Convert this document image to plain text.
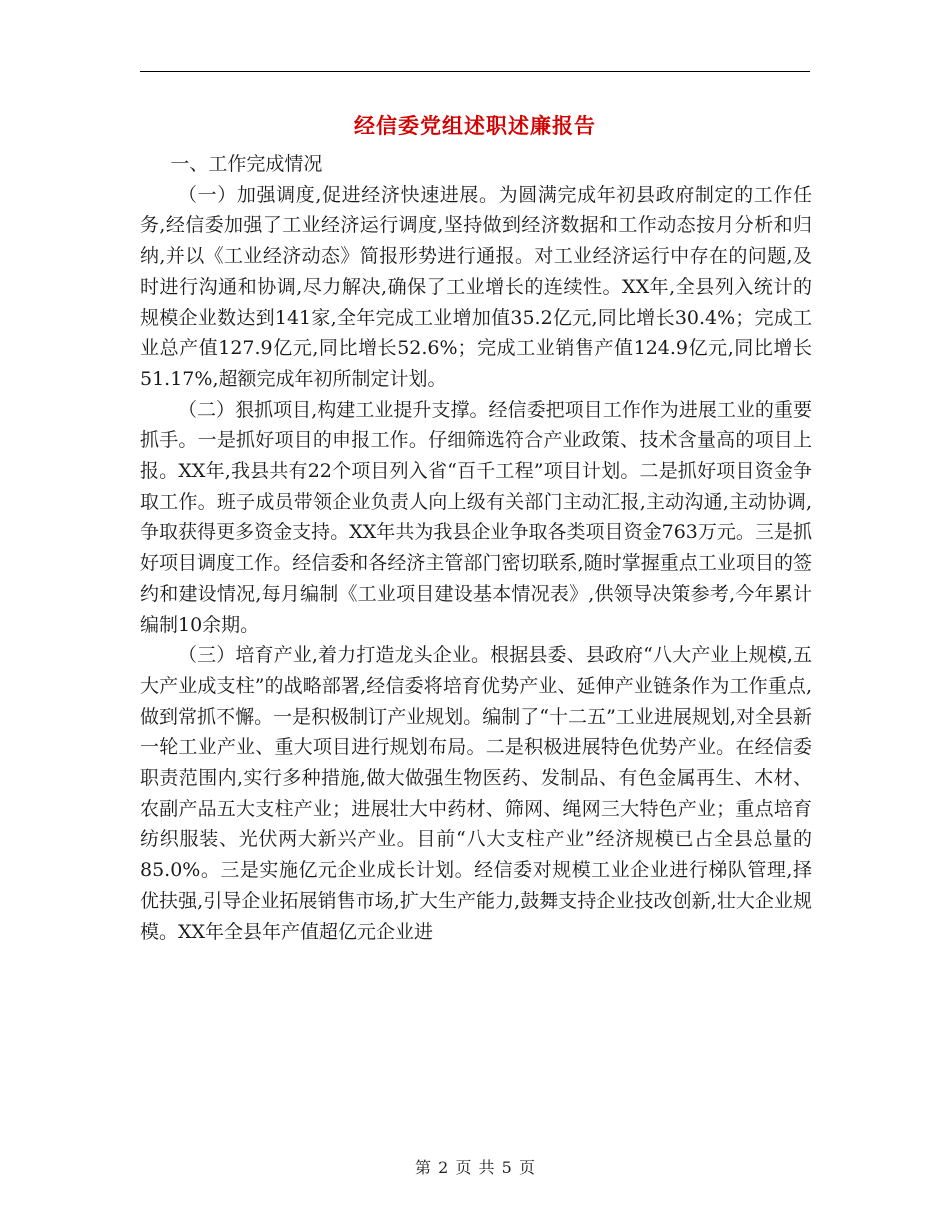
经信委党组述职述廉报告

一、工作完成情况

（一）加强调度,促进经济快速进展。为圆满完成年初县政府制定的工作任务,经信委加强了工业经济运行调度,坚持做到经济数据和工作动态按月分析和归纳,并以《工业经济动态》简报形势进行通报。对工业经济运行中存在的问题,及时进行沟通和协调,尽力解决,确保了工业增长的连续性。XX年,全县列入统计的规模企业数达到141家,全年完成工业增加值35.2亿元,同比增长30.4%；完成工业总产值127.9亿元,同比增长52.6%；完成工业销售产值124.9亿元,同比增长51.17%,超额完成年初所制定计划。

（二）狠抓项目,构建工业提升支撑。经信委把项目工作作为进展工业的重要抓手。一是抓好项目的申报工作。仔细筛选符合产业政策、技术含量高的项目上报。XX年,我县共有22个项目列入省“百千工程”项目计划。二是抓好项目资金争取工作。班子成员带领企业负责人向上级有关部门主动汇报,主动沟通,主动协调,争取获得更多资金支持。XX年共为我县企业争取各类项目资金763万元。三是抓好项目调度工作。经信委和各经济主管部门密切联系,随时掌握重点工业项目的签约和建设情况,每月编制《工业项目建设基本情况表》,供领导决策参考,今年累计编制10余期。

（三）培育产业,着力打造龙头企业。根据县委、县政府“八大产业上规模,五大产业成支柱”的战略部署,经信委将培育优势产业、延伸产业链条作为工作重点,做到常抓不懈。一是积极制订产业规划。编制了“十二五”工业进展规划,对全县新一轮工业产业、重大项目进行规划布局。二是积极进展特色优势产业。在经信委职责范围内,实行多种措施,做大做强生物医药、发制品、有色金属再生、木材、农副产品五大支柱产业；进展壮大中药材、筛网、绳网三大特色产业；重点培育纺织服装、光伏两大新兴产业。目前“八大支柱产业”经济规模已占全县总量的85.0%。三是实施亿元企业成长计划。经信委对规模工业企业进行梯队管理,择优扶强,引导企业拓展销售市场,扩大生产能力,鼓舞支持企业技改创新,壮大企业规模。XX年全县年产值超亿元企业进

第 2 页 共 5 页
